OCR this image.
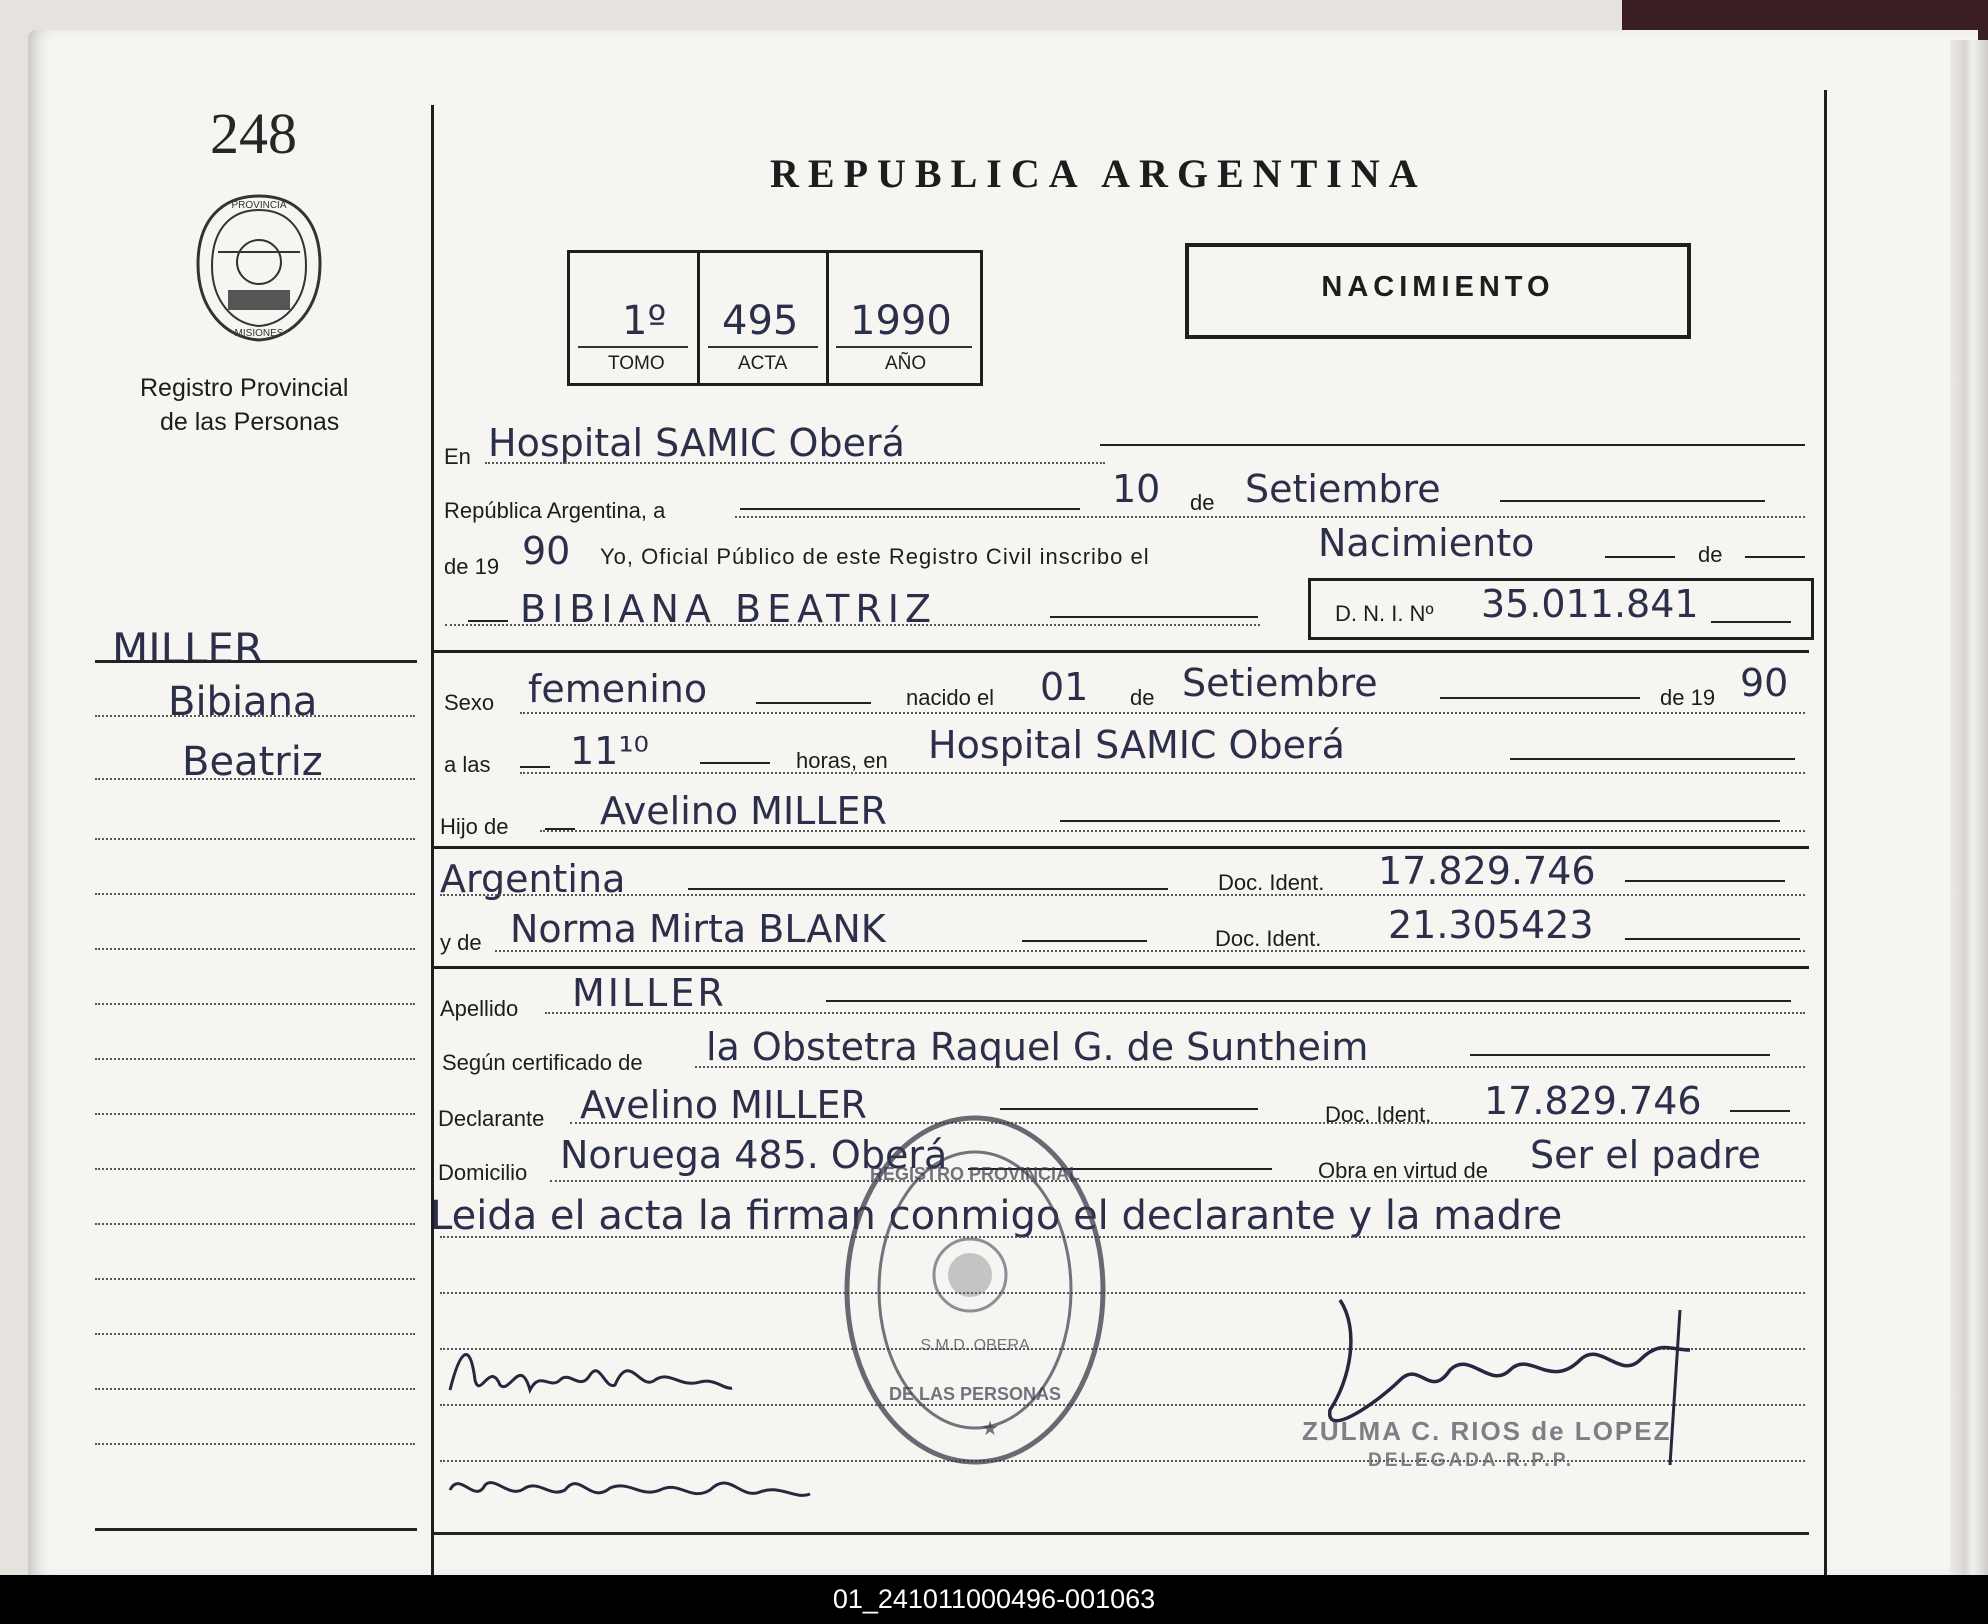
248
PROVINCIA
MISIONES
Registro Provincial
de las Personas
MILLER
Bibiana
Beatriz
REPUBLICA ARGENTINA
1º 495 1990
TOMO	ACTA	AÑO
NACIMIENTO
En Hospital SAMIC Oberá
República Argentina, a	10 de Setiembre
de 19 90 Yo, Oficial Público de este Registro Civil inscribo el	Nacimiento	de
BIBIANA BEATRIZ	D. N. I. Nº 35.011.841
Sexo femenino	nacido el 01 de Setiembre	de 19 90
a las 11¹⁰	horas, en Hospital SAMIC Oberá
Hijo de Avelino MILLER
Argentina	Doc. Ident. 17.829.746
y de Norma Mirta BLANK	Doc. Ident. 21.305423
Apellido MILLER
Según certificado de la Obstetra Raquel G. de Suntheim
Declarante Avelino MILLER	Doc. Ident. 17.829.746
Domicilio Noruega 485. Oberá	Obra en virtud de Ser el padre
Leida el acta la firman conmigo el declarante y la madre
REGISTRO PROVINCIAL
DE LAS PERSONAS
S.M.D. OBERA
★	ZULMA C. RIOS de LOPEZ
DELEGADA R.P.P.
01_241011000496-001063
